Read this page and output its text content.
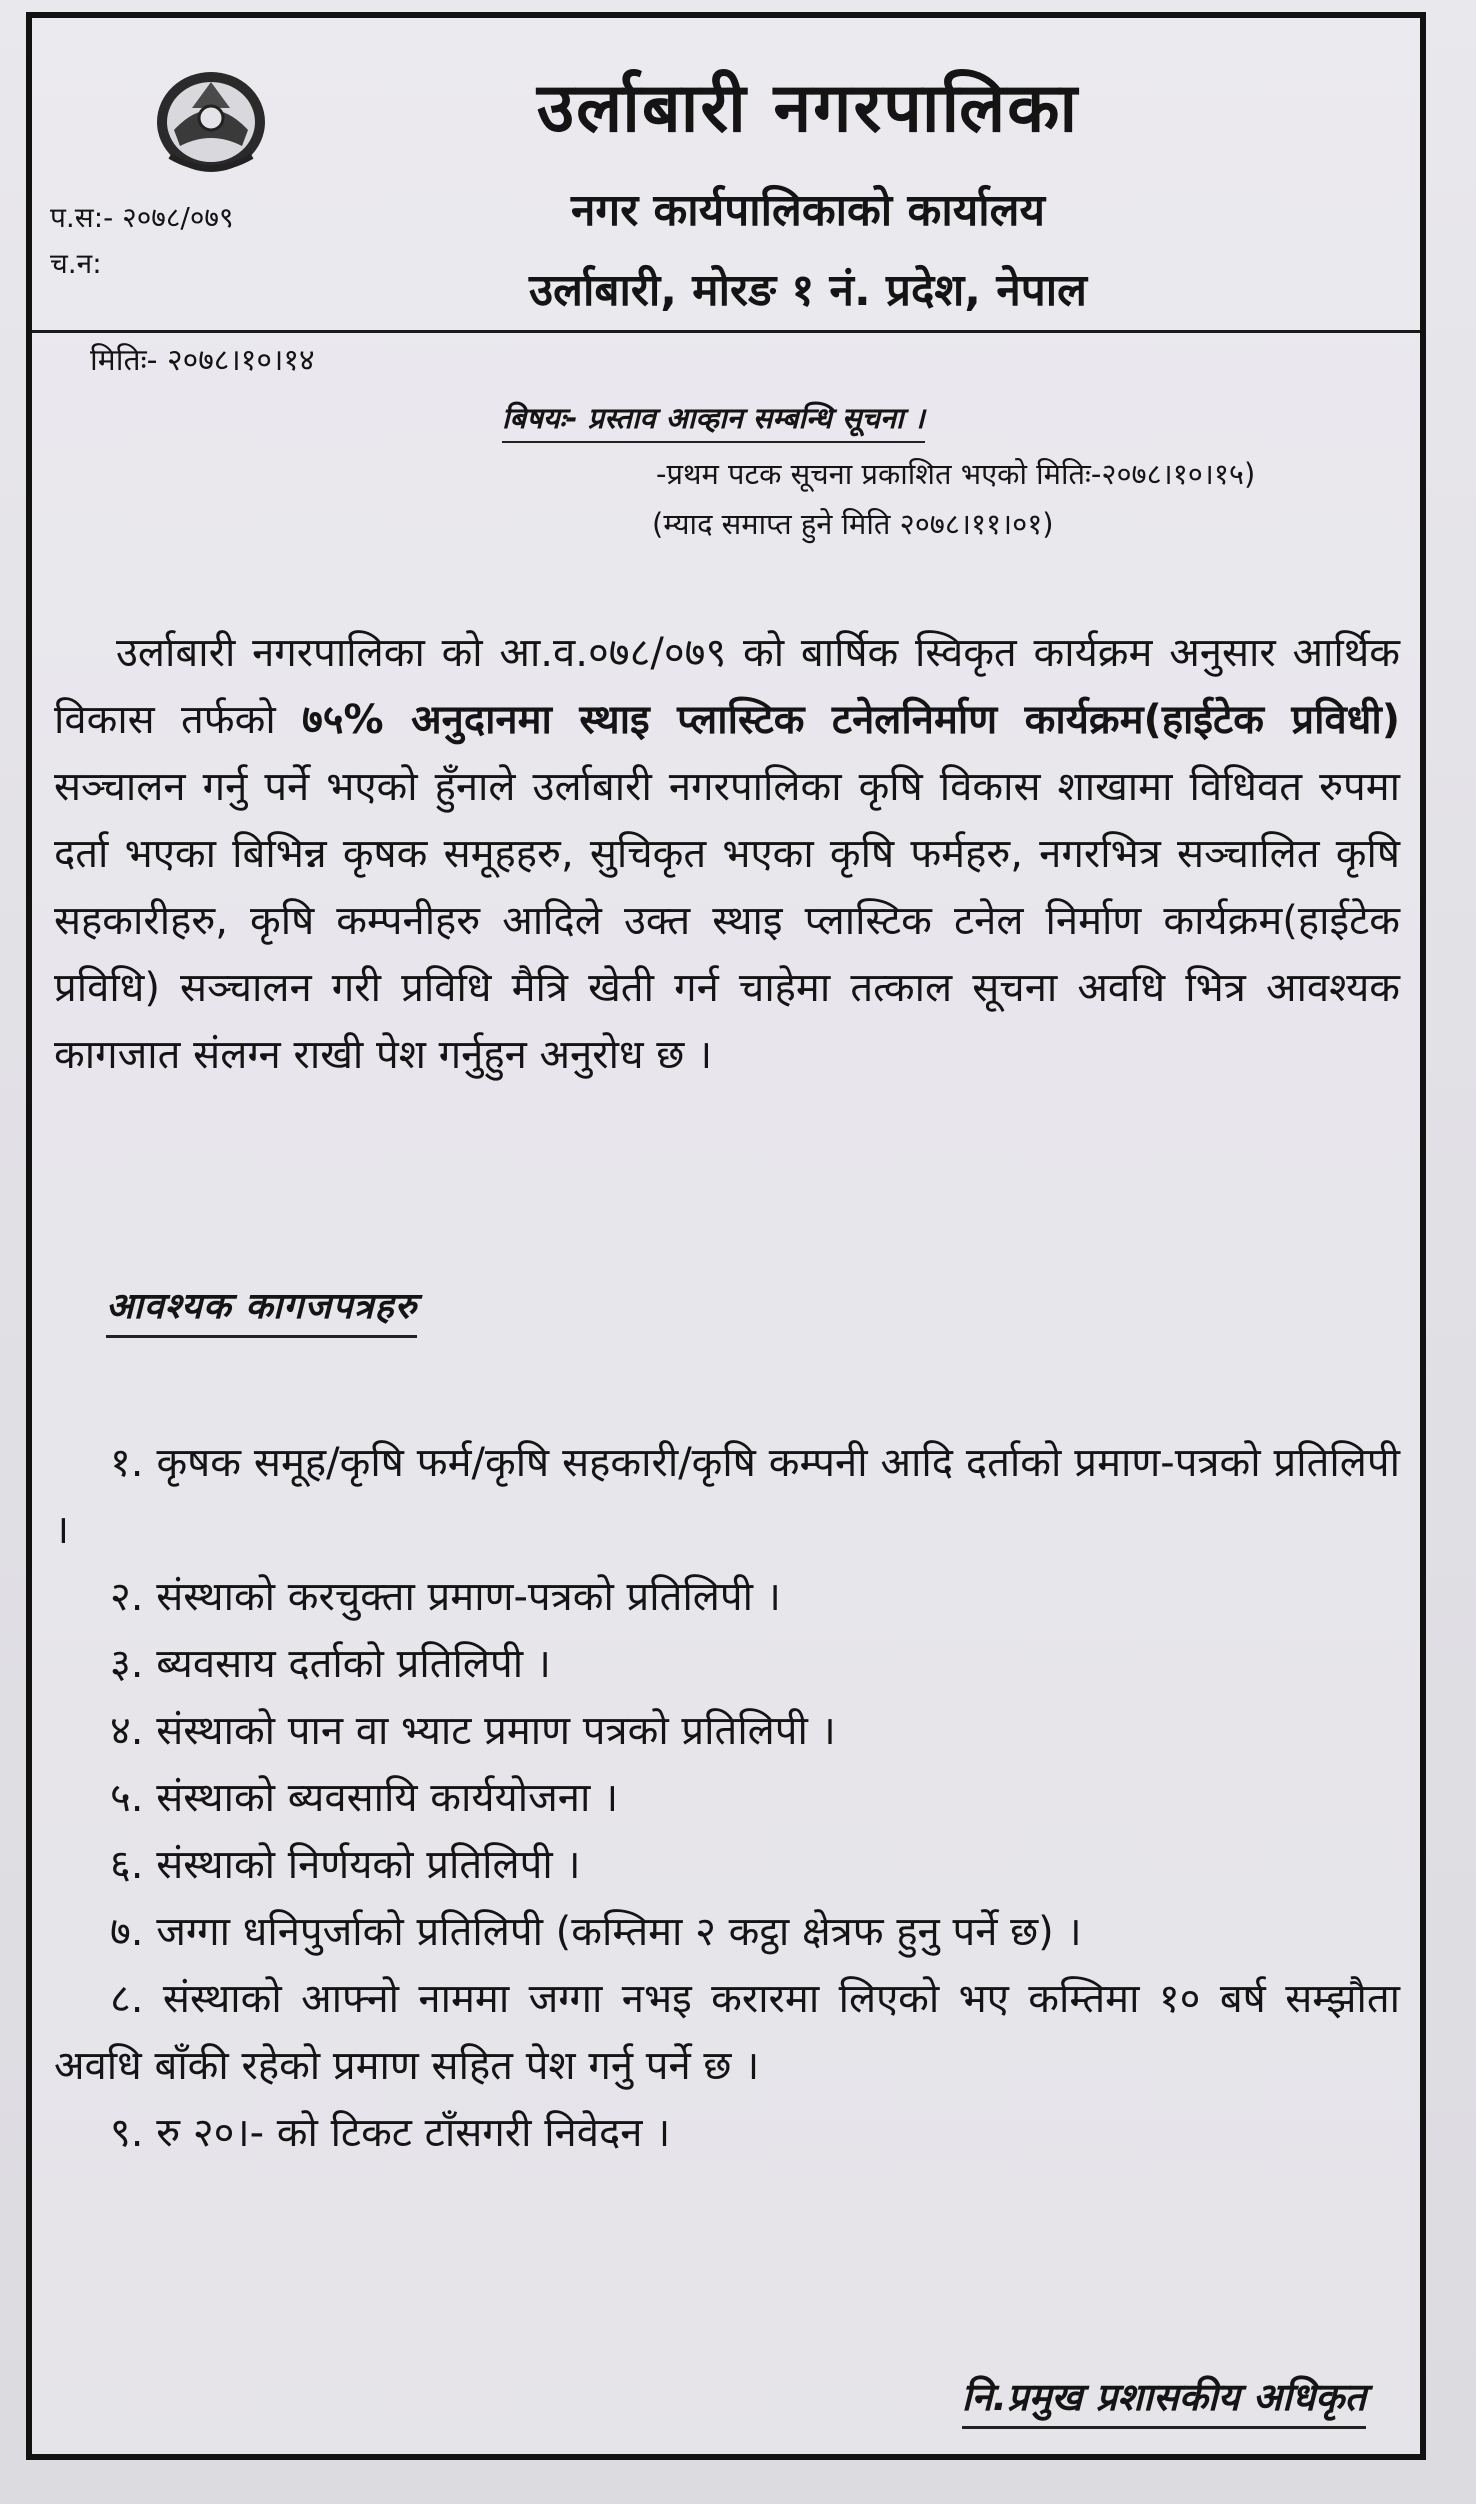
उर्लाबारी नगरपालिका
नगर कार्यपालिकाको कार्यालय
उर्लाबारी, मोरङ १ नं. प्रदेश, नेपाल
प.स:- २०७८/०७९
च.न:
मितिः- २०७८।१०।१४
बिषयः- प्रस्ताव आव्हान सम्बन्धि सूचना ।
-प्रथम पटक सूचना प्रकाशित भएको मितिः-२०७८।१०।१५)
(म्याद समाप्त हुने मिति २०७८।११।०१)

उर्लाबारी नगरपालिका को आ.व.०७८/०७९ को बार्षिक स्विकृत कार्यक्रम अनुसार आर्थिक विकास तर्फको ७५% अनुदानमा स्थाइ प्लास्टिक टनेलनिर्माण कार्यक्रम(हाईटेक प्रविधी) सञ्चालन गर्नु पर्ने भएको हुँनाले उर्लाबारी नगरपालिका कृषि विकास शाखामा विधिवत रुपमा दर्ता भएका बिभिन्न कृषक समूहहरु, सुचिकृत भएका कृषि फर्महरु, नगरभित्र सञ्चालित कृषि सहकारीहरु, कृषि कम्पनीहरु आदिले उक्त स्थाइ प्लास्टिक टनेल निर्माण कार्यक्रम(हाईटेक प्रविधि) सञ्चालन गरी प्रविधि मैत्रि खेती गर्न चाहेमा तत्काल सूचना अवधि भित्र आवश्यक कागजात संलग्न राखी पेश गर्नुहुन अनुरोध छ ।

आवश्यक कागजपत्रहरु
१. कृषक समूह/कृषि फर्म/कृषि सहकारी/कृषि कम्पनी आदि दर्ताको प्रमाण-पत्रको प्रतिलिपी ।
२. संस्थाको करचुक्ता प्रमाण-पत्रको प्रतिलिपी ।
३. ब्यवसाय दर्ताको प्रतिलिपी ।
४. संस्थाको पान वा भ्याट प्रमाण पत्रको प्रतिलिपी ।
५. संस्थाको ब्यवसायि कार्ययोजना ।
६. संस्थाको निर्णयको प्रतिलिपी ।
७. जग्गा धनिपुर्जाको प्रतिलिपी (कम्तिमा २ कट्ठा क्षेत्रफ हुनु पर्ने छ) ।
८. संस्थाको आफ्नो नाममा जग्गा नभइ करारमा लिएको भए कम्तिमा १० बर्ष सम्झौता अवधि बाँकी रहेको प्रमाण सहित पेश गर्नु पर्ने छ ।
९. रु २०।- को टिकट टाँसगरी निवेदन ।
नि.प्रमुख प्रशासकीय अधिकृत
